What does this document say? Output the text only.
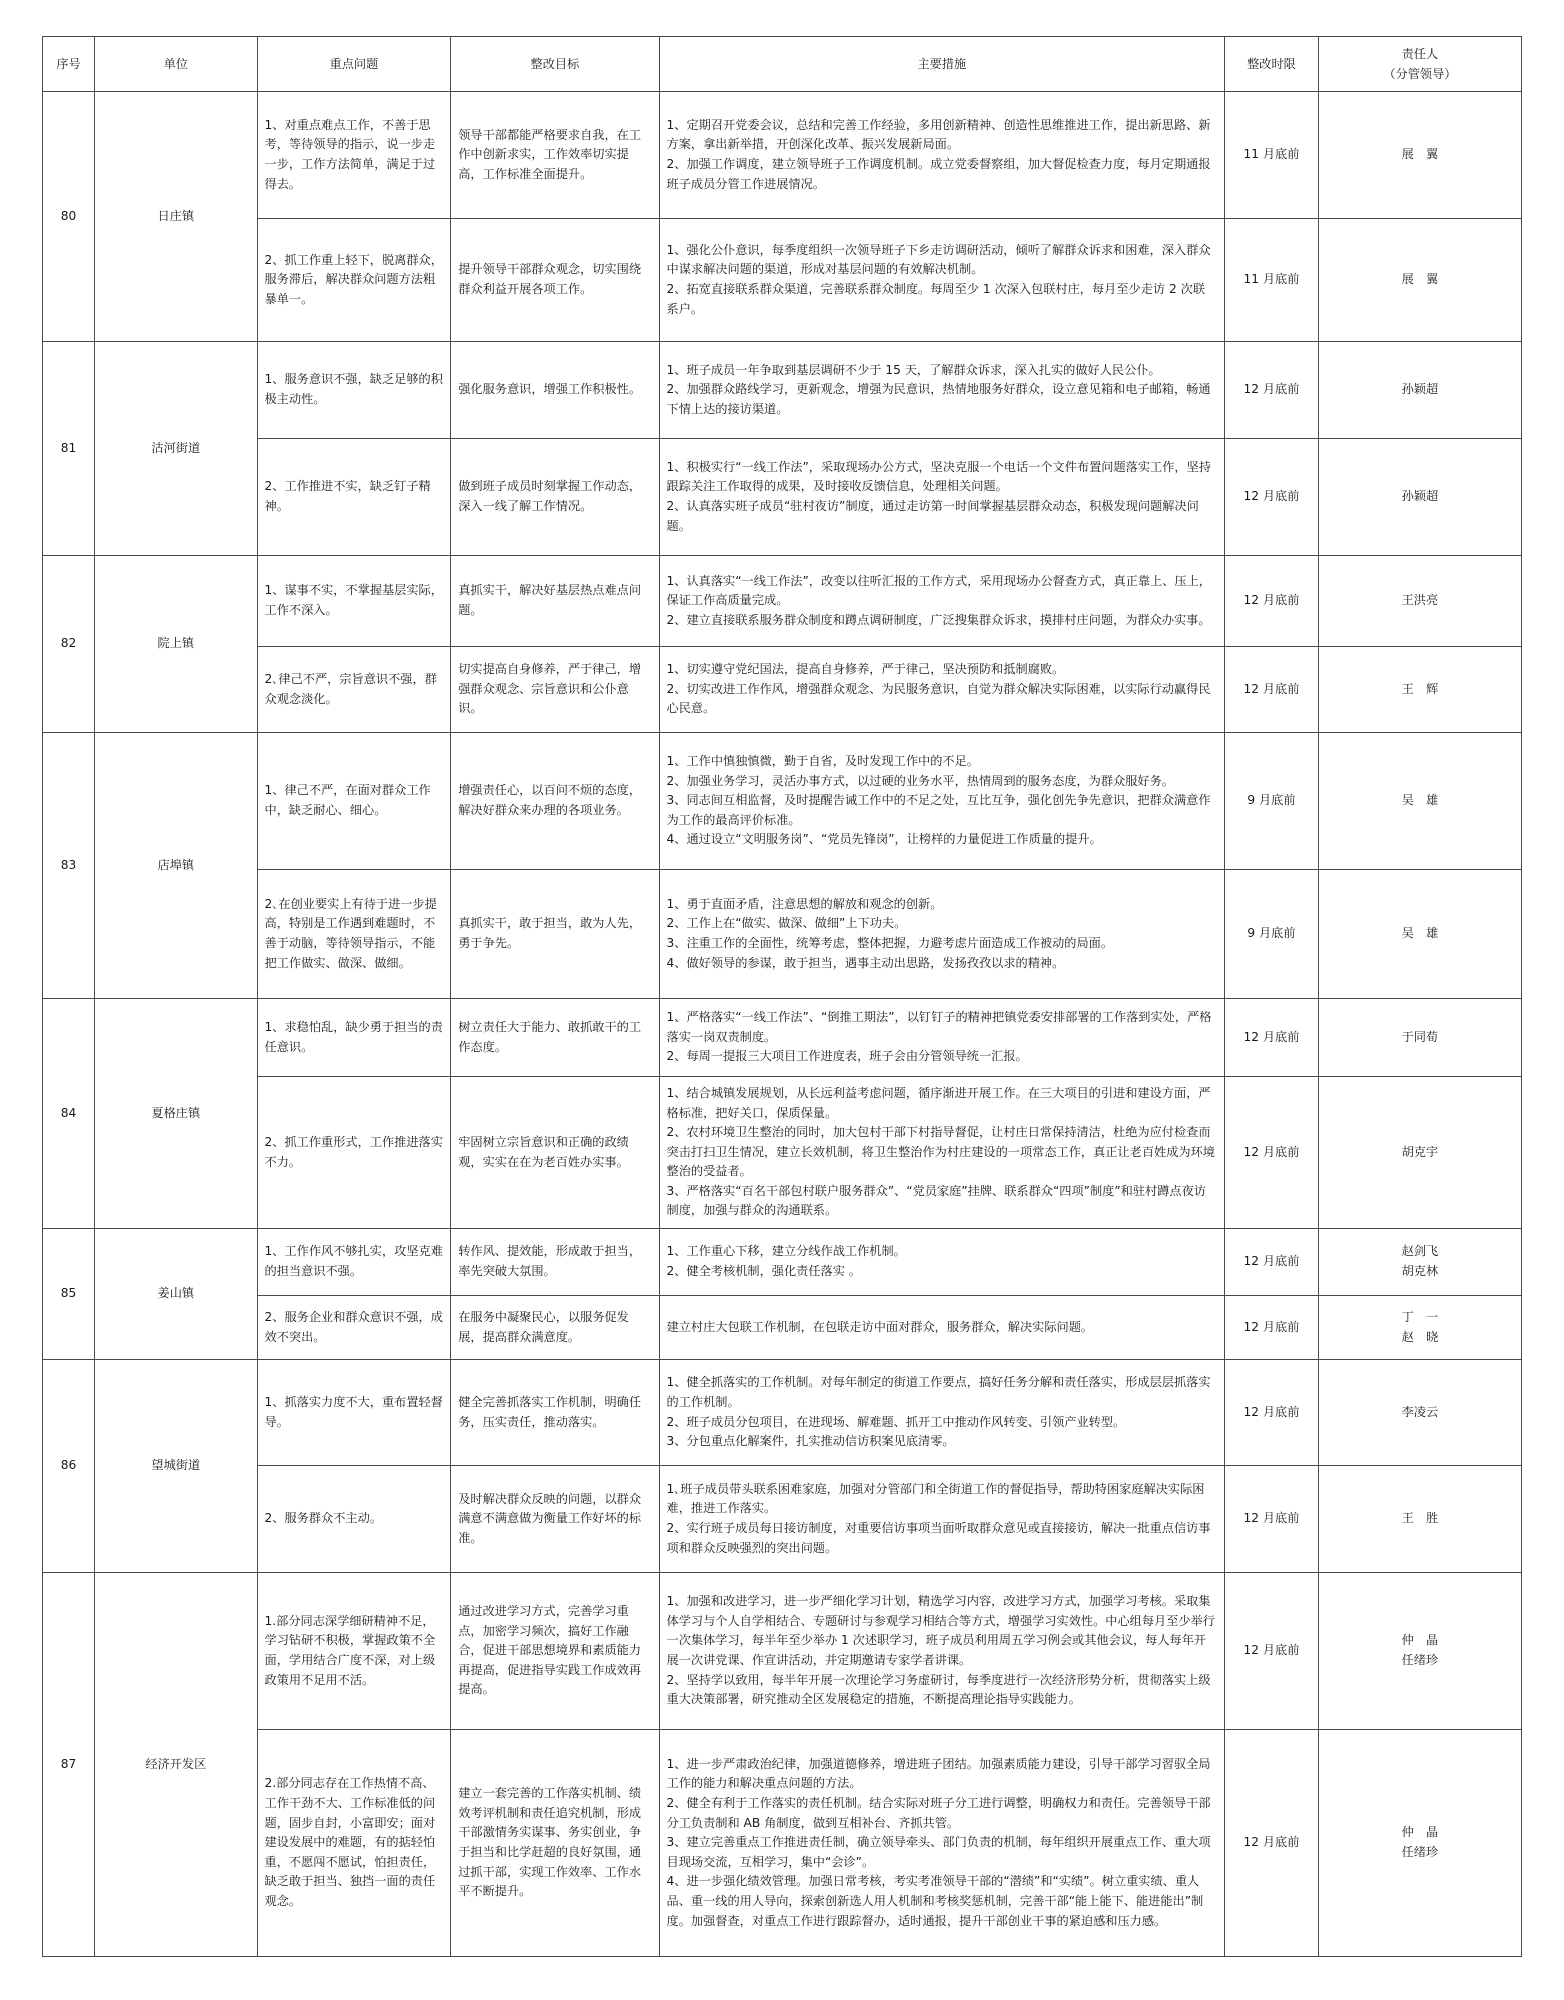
序号	单位	重点问题	整改目标	主要措施	整改时限	责任人
（分管领导）

80	日庄镇	1、对重点难点工作，不善于思考，等待领导的指示，说一步走一步，工作方法简单，满足于过得去。	领导干部都能严格要求自我，在工作中创新求实，工作效率切实提高，工作标准全面提升。	1、定期召开党委会议，总结和完善工作经验，多用创新精神、创造性思维推进工作，提出新思路、新方案，拿出新举措，开创深化改革、振兴发展新局面。
2、加强工作调度，建立领导班子工作调度机制。成立党委督察组，加大督促检查力度，每月定期通报班子成员分管工作进展情况。	11 月底前	展　翼
		2、抓工作重上轻下，脱离群众，服务滞后，解决群众问题方法粗暴单一。	提升领导干部群众观念，切实围绕群众利益开展各项工作。	1、强化公仆意识，每季度组织一次领导班子下乡走访调研活动，倾听了解群众诉求和困难，深入群众中谋求解决问题的渠道，形成对基层问题的有效解决机制。
2、拓宽直接联系群众渠道，完善联系群众制度。每周至少 1 次深入包联村庄，每月至少走访 2 次联系户。	11 月底前	展　翼
81	沽河街道	1、服务意识不强，缺乏足够的积极主动性。	强化服务意识，增强工作积极性。	1、班子成员一年争取到基层调研不少于 15 天，了解群众诉求，深入扎实的做好人民公仆。
2、加强群众路线学习，更新观念，增强为民意识，热情地服务好群众，设立意见箱和电子邮箱，畅通下情上达的接访渠道。	12 月底前	孙颖超
		2、工作推进不实，缺乏钉子精神。	做到班子成员时刻掌握工作动态，深入一线了解工作情况。	1、积极实行“一线工作法”，采取现场办公方式，坚决克服一个电话一个文件布置问题落实工作，坚持跟踪关注工作取得的成果，及时接收反馈信息，处理相关问题。
2、认真落实班子成员“驻村夜访”制度，通过走访第一时间掌握基层群众动态，积极发现问题解决问题。	12 月底前	孙颖超
82	院上镇	1、谋事不实，不掌握基层实际，工作不深入。	真抓实干，解决好基层热点难点问题。	1、认真落实“一线工作法”，改变以往听汇报的工作方式，采用现场办公督查方式，真正靠上、压上，保证工作高质量完成。
2、建立直接联系服务群众制度和蹲点调研制度，广泛搜集群众诉求，摸排村庄问题，为群众办实事。	12 月底前	王洪亮
		2､律己不严，宗旨意识不强，群众观念淡化。	切实提高自身修养，严于律己，增强群众观念、宗旨意识和公仆意识。	1、切实遵守党纪国法，提高自身修养，严于律己，坚决预防和抵制腐败。
2、切实改进工作作风，增强群众观念、为民服务意识，自觉为群众解决实际困难，以实际行动赢得民心民意。	12 月底前	王　辉
83	店埠镇	1、律己不严，在面对群众工作中，缺乏耐心、细心。	增强责任心，以百问不烦的态度，解决好群众来办理的各项业务。	1、工作中慎独慎微，勤于自省，及时发现工作中的不足。
2、加强业务学习，灵活办事方式，以过硬的业务水平，热情周到的服务态度，为群众服好务。
3、同志间互相监督，及时提醒告诫工作中的不足之处，互比互争，强化创先争先意识，把群众满意作为工作的最高评价标准。
4、通过设立“文明服务岗”、“党员先锋岗”，让榜样的力量促进工作质量的提升。	9 月底前	吴　雄
		2､在创业要实上有待于进一步提高，特别是工作遇到难题时，不善于动脑，等待领导指示，不能把工作做实、做深、做细。	真抓实干，敢于担当，敢为人先，勇于争先。	1、勇于直面矛盾，注意思想的解放和观念的创新。
2、工作上在“做实、做深、做细”上下功夫。
3、注重工作的全面性，统筹考虑，整体把握，力避考虑片面造成工作被动的局面。
4、做好领导的参谋，敢于担当，遇事主动出思路，发扬孜孜以求的精神。	9 月底前	吴　雄
84	夏格庄镇	1、求稳怕乱，缺少勇于担当的责任意识。	树立责任大于能力、敢抓敢干的工作态度。	1、严格落实“一线工作法”、“倒推工期法”，以钉钉子的精神把镇党委安排部署的工作落到实处，严格落实一岗双责制度。
2、每周一提报三大项目工作进度表，班子会由分管领导统一汇报。	12 月底前	于同荀
		2、抓工作重形式，工作推进落实不力。	牢固树立宗旨意识和正确的政绩观，实实在在为老百姓办实事。	1、结合城镇发展规划，从长远利益考虑问题，循序渐进开展工作。在三大项目的引进和建设方面，严格标准，把好关口，保质保量。
2、农村环境卫生整治的同时，加大包村干部下村指导督促，让村庄日常保持清洁，杜绝为应付检查而突击打扫卫生情况，建立长效机制，将卫生整治作为村庄建设的一项常态工作，真正让老百姓成为环境整治的受益者。
3、严格落实“百名干部包村联户服务群众”、“党员家庭”挂牌、联系群众“四项”制度”和驻村蹲点夜访制度，加强与群众的沟通联系。	12 月底前	胡克宇
85	姜山镇	1、工作作风不够扎实，攻坚克难的担当意识不强。	转作风、提效能，形成敢于担当，率先突破大氛围。	1、工作重心下移，建立分线作战工作机制。
2、健全考核机制，强化责任落实 。	12 月底前	赵剑飞
胡克林
		2、服务企业和群众意识不强，成效不突出。	在服务中凝聚民心，以服务促发展，提高群众满意度。	建立村庄大包联工作机制，在包联走访中面对群众，服务群众，解决实际问题。	12 月底前	丁　一
赵　晓
86	望城街道	1、抓落实力度不大，重布置轻督导。	健全完善抓落实工作机制，明确任务，压实责任，推动落实。	1、健全抓落实的工作机制。对每年制定的街道工作要点，搞好任务分解和责任落实，形成层层抓落实的工作机制。
2、班子成员分包项目，在进现场、解难题、抓开工中推动作风转变、引领产业转型。
3、分包重点化解案件，扎实推动信访积案见底清零。	12 月底前	李凌云
		2、服务群众不主动。	及时解决群众反映的问题，以群众满意不满意做为衡量工作好坏的标准。	1､班子成员带头联系困难家庭，加强对分管部门和全街道工作的督促指导，帮助特困家庭解决实际困难，推进工作落实。
2、实行班子成员每日接访制度，对重要信访事项当面听取群众意见或直接接访，解决一批重点信访事项和群众反映强烈的突出问题。	12 月底前	王　胜
87	经济开发区	1.部分同志深学细研精神不足，学习钻研不积极，掌握政策不全面，学用结合广度不深，对上级政策用不足用不活。	通过改进学习方式，完善学习重点，加密学习频次，搞好工作融合，促进干部思想境界和素质能力再提高，促进指导实践工作成效再提高。	1、加强和改进学习，进一步严细化学习计划，精选学习内容，改进学习方式，加强学习考核。采取集体学习与个人自学相结合、专题研讨与参观学习相结合等方式，增强学习实效性。中心组每月至少举行一次集体学习，每半年至少举办 1 次述职学习，班子成员利用周五学习例会或其他会议，每人每年开展一次讲党课、作宣讲活动，并定期邀请专家学者讲课。
2、坚持学以致用，每半年开展一次理论学习务虚研讨，每季度进行一次经济形势分析，贯彻落实上级重大决策部署，研究推动全区发展稳定的措施，不断提高理论指导实践能力。	12 月底前	仲　晶
任绪珍
		2.部分同志存在工作热情不高、工作干劲不大、工作标准低的问题，固步自封，小富即安；面对建设发展中的难题，有的掂轻怕重，不愿闯不愿试，怕担责任，缺乏敢于担当、独挡一面的责任观念。	建立一套完善的工作落实机制、绩效考评机制和责任追究机制，形成干部激情务实谋事、务实创业，争于担当和比学赶超的良好氛围，通过抓干部，实现工作效率、工作水平不断提升。	1、进一步严肃政治纪律，加强道德修养，增进班子团结。加强素质能力建设，引导干部学习習驭全局工作的能力和解决重点问题的方法。
2、健全有利于工作落实的责任机制。结合实际对班子分工进行调整，明确权力和责任。完善领导干部分工负责制和 AB 角制度，做到互相补台、齐抓共管。
3、建立完善重点工作推进责任制，确立领导牵头、部门负责的机制，每年组织开展重点工作、重大项目现场交流，互相学习，集中“会诊”。
4、进一步强化绩效管理。加强日常考核，考实考准领导干部的“潜绩”和“实绩”。树立重实绩、重人品、重一线的用人导向，探索创新选人用人机制和考核奖惩机制，完善干部“能上能下、能进能出”制度。加强督查，对重点工作进行跟踪督办，适时通报，提升干部创业干事的紧迫感和压力感。	12 月底前	仲　晶
任绪珍
